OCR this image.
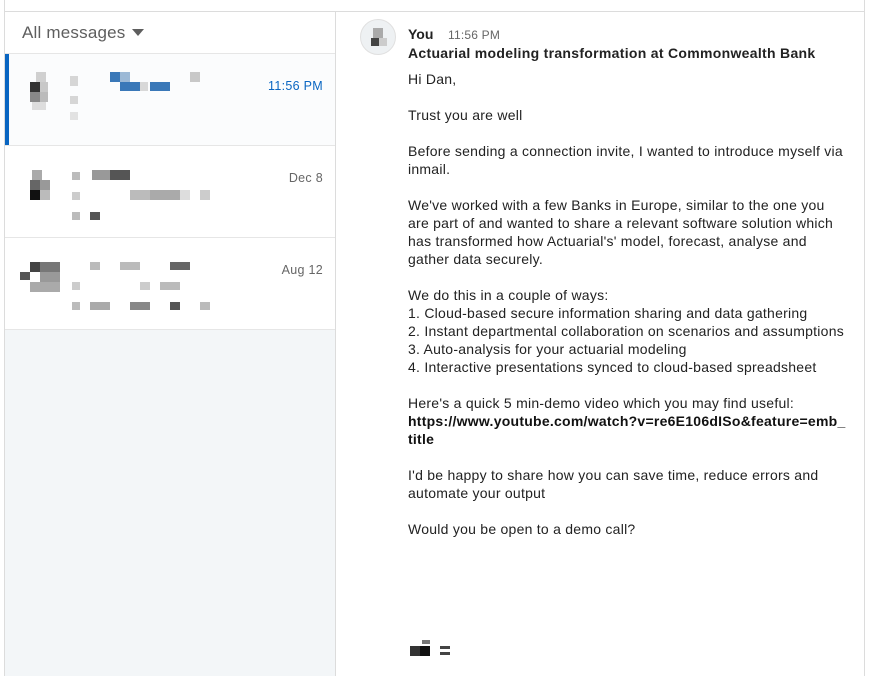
All messages
11:56 PM
Dec 8
Aug 12
You 11:56 PM
Actuarial modeling transformation at Commonwealth Bank

Hi Dan,

Trust you are well

Before sending a connection invite, I wanted to introduce myself via inmail.

We've worked with a few Banks in Europe, similar to the one you are part of and wanted to share a relevant software solution which has transformed how Actuarial's' model, forecast, analyse and gather data securely.

We do this in a couple of ways:
1. Cloud-based secure information sharing and data gathering
2. Instant departmental collaboration on scenarios and assumptions
3. Auto-analysis for your actuarial modeling
4. Interactive presentations synced to cloud-based spreadsheet

Here's a quick 5 min-demo video which you may find useful:
https://www.youtube.com/watch?v=re6E106dISo&feature=emb_title

I'd be happy to share how you can save time, reduce errors and automate your output

Would you be open to a demo call?
